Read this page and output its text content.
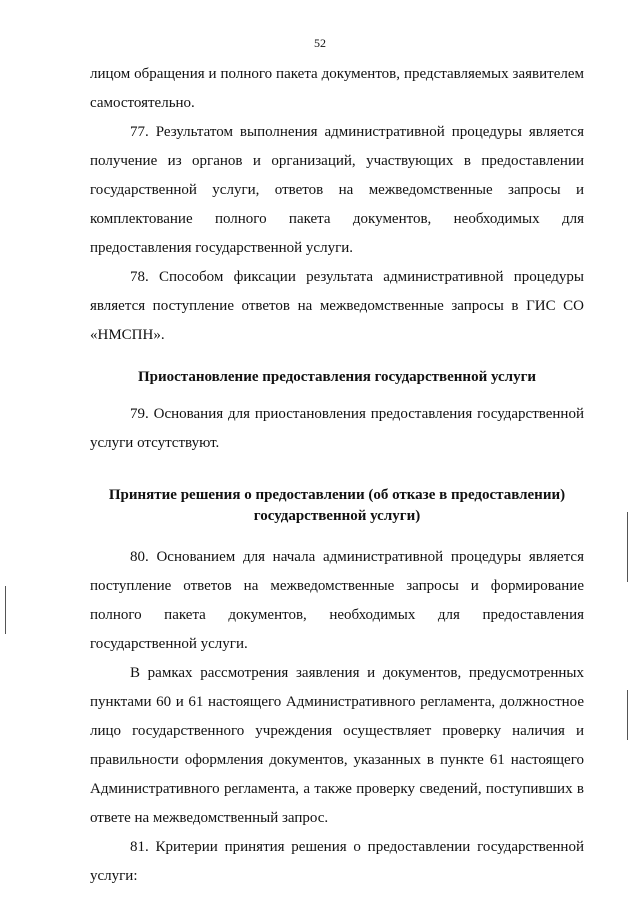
52

лицом обращения и полного пакета документов, представляемых заявителем самостоятельно.

77. Результатом выполнения административной процедуры является получение из органов и организаций, участвующих в предоставлении государственной услуги, ответов на межведомственные запросы и комплектование полного пакета документов, необходимых для предоставления государственной услуги.

78. Способом фиксации результата административной процедуры является поступление ответов на межведомственные запросы в ГИС СО «НМСПН».

Приостановление предоставления государственной услуги

79. Основания для приостановления предоставления государственной услуги отсутствуют.

Принятие решения о предоставлении (об отказе в предоставлении)
государственной услуги)

80. Основанием для начала административной процедуры является поступление ответов на межведомственные запросы и формирование полного пакета документов, необходимых для предоставления государственной услуги.

В рамках рассмотрения заявления и документов, предусмотренных пунктами 60 и 61 настоящего Административного регламента, должностное лицо государственного учреждения осуществляет проверку наличия и правильности оформления документов, указанных в пункте 61 настоящего Административного регламента, а также проверку сведений, поступивших в ответе на межведомственный запрос.

81. Критерии принятия решения о предоставлении государственной услуги:
